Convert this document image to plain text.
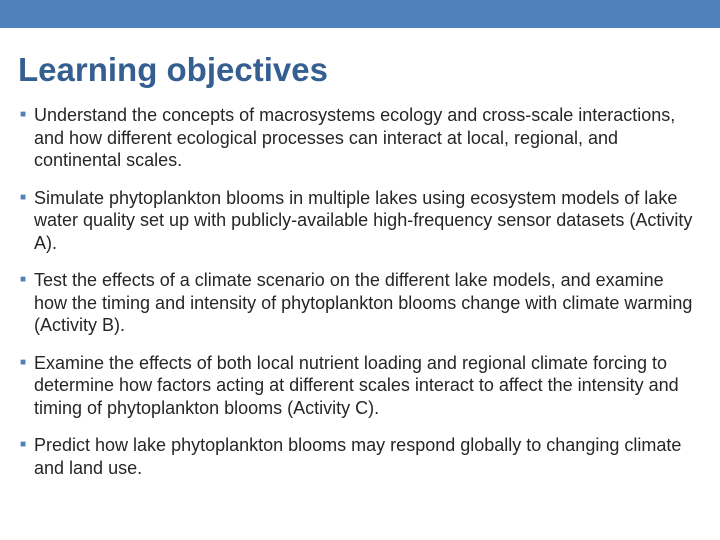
Learning objectives
■ Understand the concepts of macrosystems ecology and cross-scale interactions, and how different ecological processes can interact at local, regional, and continental scales.
■ Simulate phytoplankton blooms in multiple lakes using ecosystem models of lake water quality set up with publicly-available high-frequency sensor datasets (Activity A).
■ Test the effects of a climate scenario on the different lake models, and examine how the timing and intensity of phytoplankton blooms change with climate warming (Activity B).
■ Examine the effects of both local nutrient loading and regional climate forcing to determine how factors acting at different scales interact to affect the intensity and timing of phytoplankton blooms (Activity C).
■ Predict how lake phytoplankton blooms may respond globally to changing climate and land use.
